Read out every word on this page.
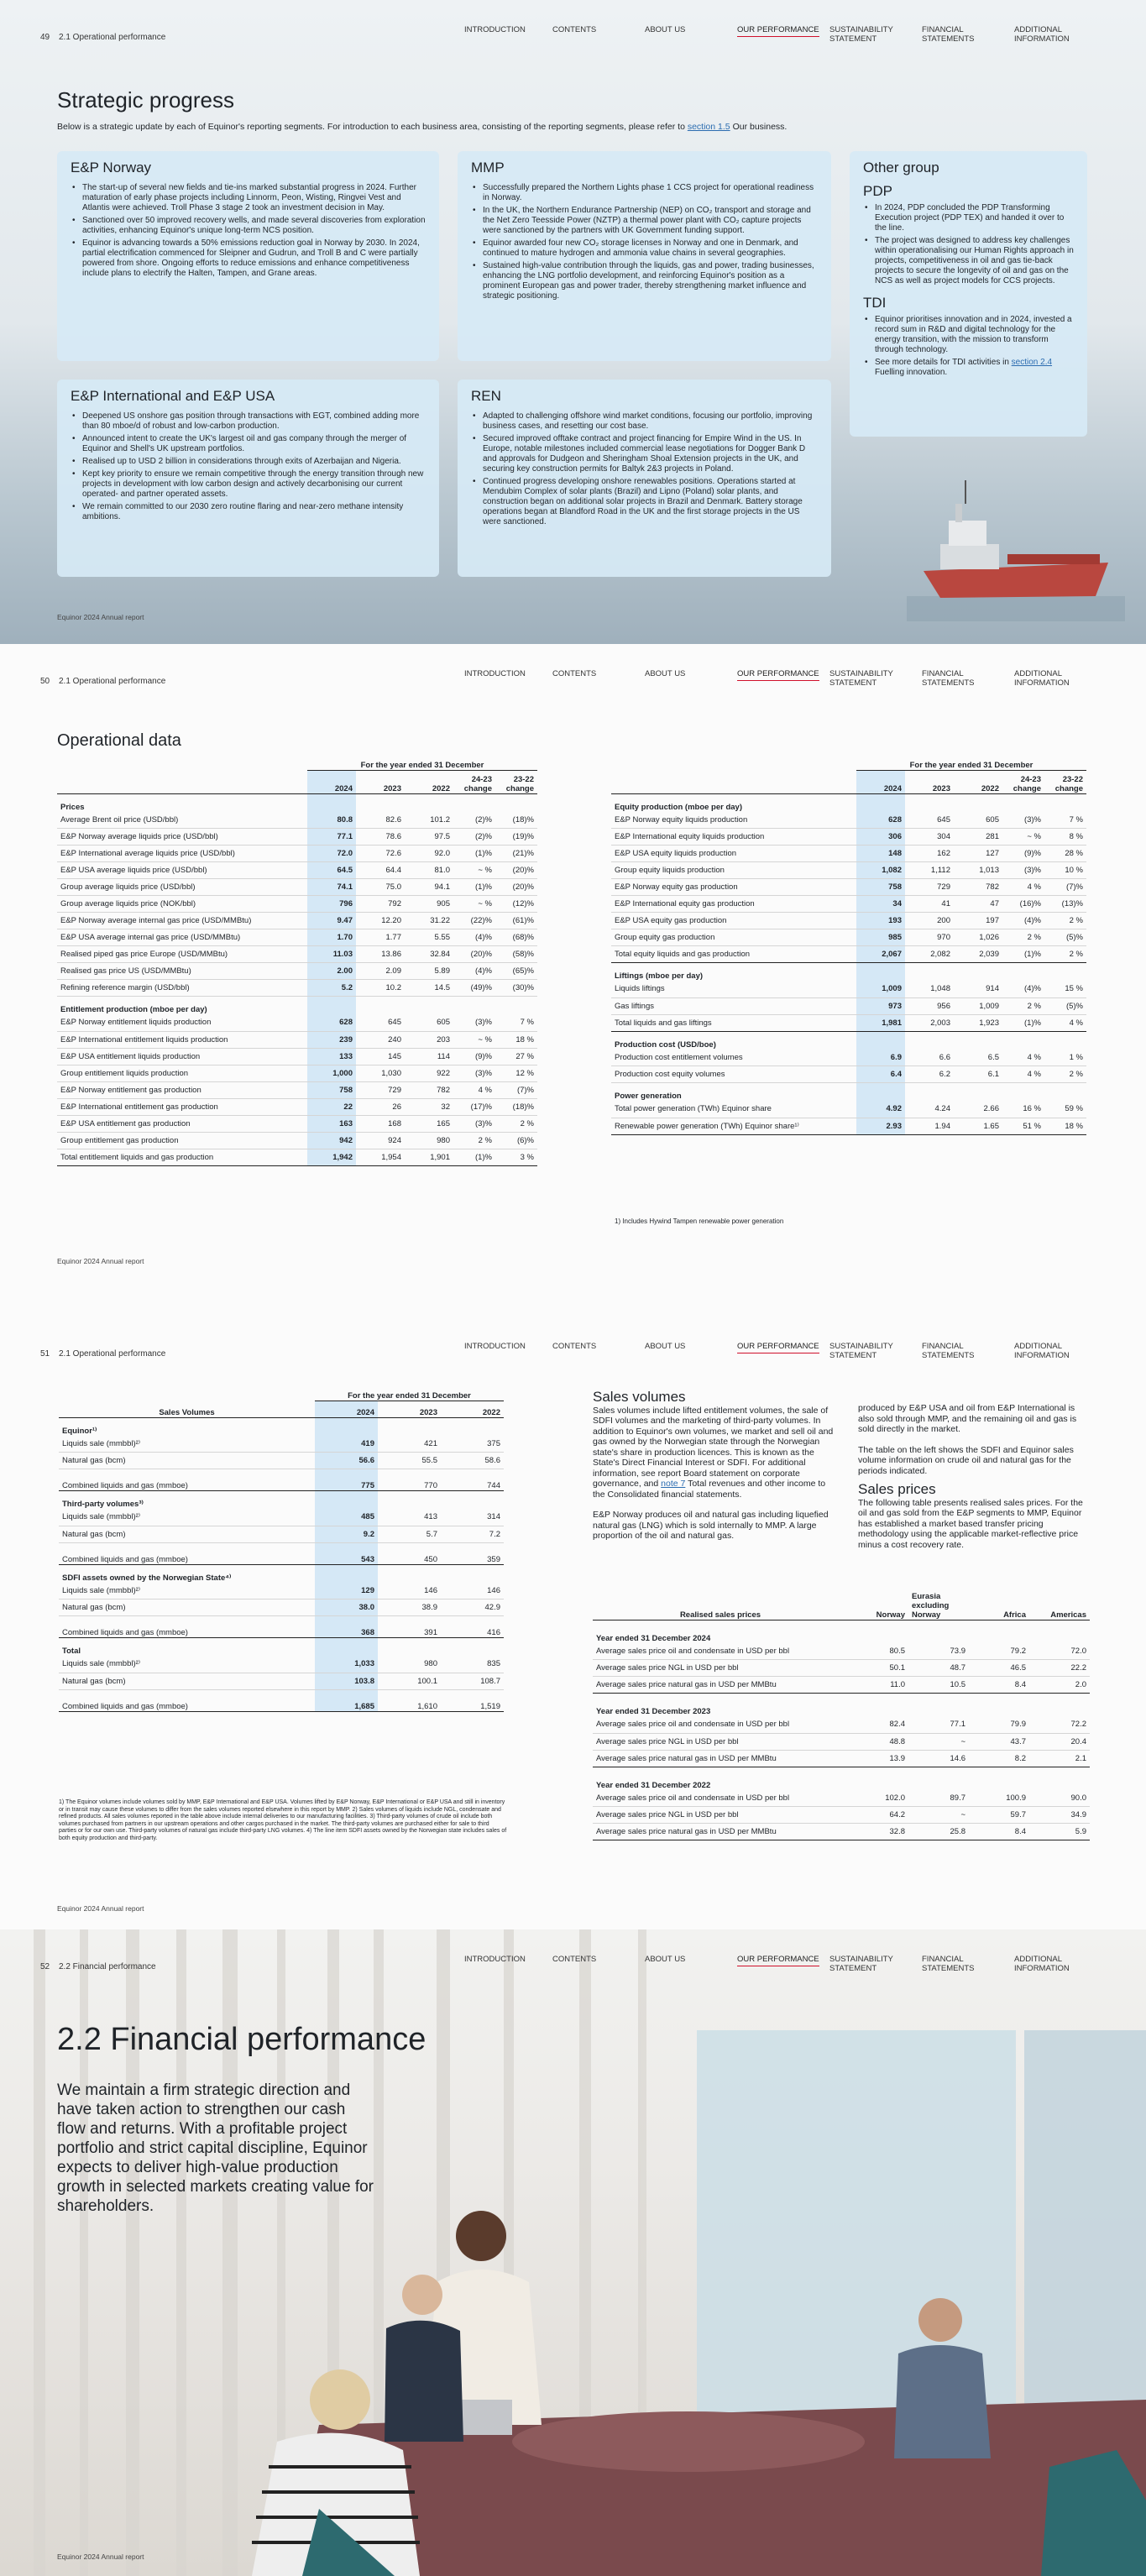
49 2.1 Operational performance
INTRODUCTION	CONTENTS	ABOUT US	OUR PERFORMANCE	SUSTAINABILITY STATEMENT
FINANCIAL STATEMENTS
ADDITIONAL INFORMATION
Strategic progress
Below is a strategic update by each of Equinor's reporting segments. For introduction to each business area, consisting of the reporting segments, please refer to section 1.5 Our business.
E&P Norway
• The start-up of several new fields and tie-ins marked substantial progress in 2024. Further maturation of early phase projects including Linnorm, Peon, Wisting, Ringvei Vest and Atlantis were achieved. Troll Phase 3 stage 2 took an investment decision in May.
• Sanctioned over 50 improved recovery wells, and made several discoveries from exploration activities, enhancing Equinor's unique long-term NCS position.
• Equinor is advancing towards a 50% emissions reduction goal in Norway by 2030. In 2024, partial electrification commenced for Sleipner and Gudrun, and Troll B and C were partially powered from shore. Ongoing efforts to reduce emissions and enhance competitiveness include plans to electrify the Halten, Tampen, and Grane areas.
MMP
• Successfully prepared the Northern Lights phase 1 CCS project for operational readiness in Norway.
• In the UK, the Northern Endurance Partnership (NEP) on CO₂ transport and storage and the Net Zero Teesside Power (NZTP) a thermal power plant with CO₂ capture projects were sanctioned by the partners with UK Government funding support.
• Equinor awarded four new CO₂ storage licenses in Norway and one in Denmark, and continued to mature hydrogen and ammonia value chains in several geographies.
• Sustained high-value contribution through the liquids, gas and power, trading businesses, enhancing the LNG portfolio development, and reinforcing Equinor's position as a prominent European gas and power trader, thereby strengthening market influence and strategic positioning.
Other group
PDP
• In 2024, PDP concluded the PDP Transforming Execution project (PDP TEX) and handed it over to the line.
• The project was designed to address key challenges within operationalising our Human Rights approach in projects, competitiveness in oil and gas tie-back projects to secure the longevity of oil and gas on the NCS as well as project models for CCS projects.
TDI
• Equinor prioritises innovation and in 2024, invested a record sum in R&D and digital technology for the energy transition, with the mission to transform through technology.
• See more details for TDI activities in section 2.4 Fuelling innovation.
E&P International and E&P USA
• Deepened US onshore gas position through transactions with EGT, combined adding more than 80 mboe/d of robust and low-carbon production.
• Announced intent to create the UK's largest oil and gas company through the merger of Equinor and Shell's UK upstream portfolios.
• Realised up to USD 2 billion in considerations through exits of Azerbaijan and Nigeria.
• Kept key priority to ensure we remain competitive through the energy transition through new projects in development with low carbon design and actively decarbonising our current operated- and partner operated assets.
• We remain committed to our 2030 zero routine flaring and near-zero methane intensity ambitions.
REN
• Adapted to challenging offshore wind market conditions, focusing our portfolio, improving business cases, and resetting our cost base.
• Secured improved offtake contract and project financing for Empire Wind in the US. In Europe, notable milestones included commercial lease negotiations for Dogger Bank D and approvals for Dudgeon and Sheringham Shoal Extension projects in the UK, and securing key construction permits for Baltyk 2&3 projects in Poland.
• Continued progress developing onshore renewables positions. Operations started at Mendubim Complex of solar plants (Brazil) and Lipno (Poland) solar plants, and construction began on additional solar projects in Brazil and Denmark. Battery storage operations began at Blandford Road in the UK and the first storage projects in the US were sanctioned.
Equinor 2024 Annual report
50 2.1 Operational performance
INTRODUCTION	CONTENTS	ABOUT US	OUR PERFORMANCE	SUSTAINABILITY STATEMENT
FINANCIAL STATEMENTS
ADDITIONAL INFORMATION
Operational data
	For the year ended 31 December				
	2024	2023	2022	24-23 change	23-22 change
Prices					
Average Brent oil price (USD/bbl)	80.8	82.6	101.2	(2)%	(18)%
E&P Norway average liquids price (USD/bbl)	77.1	78.6	97.5	(2)%	(19)%
E&P International average liquids price (USD/bbl)	72.0	72.6	92.0	(1)%	(21)%
E&P USA average liquids price (USD/bbl)	64.5	64.4	81.0	~ %	(20)%
Group average liquids price (USD/bbl)	74.1	75.0	94.1	(1)%	(20)%
Group average liquids price (NOK/bbl)	796	792	905	~ %	(12)%
E&P Norway average internal gas price (USD/MMBtu)	9.47	12.20	31.22	(22)%	(61)%
E&P USA average internal gas price (USD/MMBtu)	1.70	1.77	5.55	(4)%	(68)%
Realised piped gas price Europe (USD/MMBtu)	11.03	13.86	32.84	(20)%	(58)%
Realised gas price US (USD/MMBtu)	2.00	2.09	5.89	(4)%	(65)%
Refining reference margin (USD/bbl)	5.2	10.2	14.5	(49)%	(30)%
Entitlement production (mboe per day)					
E&P Norway entitlement liquids production	628	645	605	(3)%	7 %
E&P International entitlement liquids production	239	240	203	~ %	18 %
E&P USA entitlement liquids production	133	145	114	(9)%	27 %
Group entitlement liquids production	1,000	1,030	922	(3)%	12 %
E&P Norway entitlement gas production	758	729	782	4 %	(7)%
E&P International entitlement gas production	22	26	32	(17)%	(18)%
E&P USA entitlement gas production	163	168	165	(3)%	2 %
Group entitlement gas production	942	924	980	2 %	(6)%
Total entitlement liquids and gas production	1,942	1,954	1,901	(1)%	3 %
	For the year ended 31 December				
	2024	2023	2022	24-23 change	23-22 change
Equity production (mboe per day)					
E&P Norway equity liquids production	628	645	605	(3)%	7 %
E&P International equity liquids production	306	304	281	~ %	8 %
E&P USA equity liquids production	148	162	127	(9)%	28 %
Group equity liquids production	1,082	1,112	1,013	(3)%	10 %
E&P Norway equity gas production	758	729	782	4 %	(7)%
E&P International equity gas production	34	41	47	(16)%	(13)%
E&P USA equity gas production	193	200	197	(4)%	2 %
Group equity gas production	985	970	1,026	2 %	(5)%
Total equity liquids and gas production	2,067	2,082	2,039	(1)%	2 %
Liftings (mboe per day)					
Liquids liftings	1,009	1,048	914	(4)%	15 %
Gas liftings	973	956	1,009	2 %	(5)%
Total liquids and gas liftings	1,981	2,003	1,923	(1)%	4 %
Production cost (USD/boe)					
Production cost entitlement volumes	6.9	6.6	6.5	4 %	1 %
Production cost equity volumes	6.4	6.2	6.1	4 %	2 %
Power generation					
Total power generation (TWh) Equinor share	4.92	4.24	2.66	16 %	59 %
Renewable power generation (TWh) Equinor share¹⁾	2.93	1.94	1.65	51 %	18 %
1) Includes Hywind Tampen renewable power generation
Equinor 2024 Annual report
51 2.1 Operational performance
INTRODUCTION	CONTENTS	ABOUT US	OUR PERFORMANCE	SUSTAINABILITY STATEMENT
FINANCIAL STATEMENTS
ADDITIONAL INFORMATION
	For the year ended 31 December		
Sales Volumes	2024	2023	2022
Equinor¹⁾			
Liquids sale (mmbbl)²⁾	419	421	375
Natural gas (bcm)	56.6	55.5	58.6
Combined liquids and gas (mmboe)	775	770	744
Third-party volumes³⁾			
Liquids sale (mmbbl)²⁾	485	413	314
Natural gas (bcm)	9.2	5.7	7.2
Combined liquids and gas (mmboe)	543	450	359
SDFI assets owned by the Norwegian State⁴⁾			
Liquids sale (mmbbl)²⁾	129	146	146
Natural gas (bcm)	38.0	38.9	42.9
Combined liquids and gas (mmboe)	368	391	416
Total			
Liquids sale (mmbbl)²⁾	1,033	980	835
Natural gas (bcm)	103.8	100.1	108.7
Combined liquids and gas (mmboe)	1,685	1,610	1,519
1) The Equinor volumes include volumes sold by MMP, E&P International and E&P USA. Volumes lifted by E&P Norway, E&P International or E&P USA and still in inventory or in transit may cause these volumes to differ from the sales volumes reported elsewhere in this report by MMP. 2) Sales volumes of liquids include NGL, condensate and refined products. All sales volumes reported in the table above include internal deliveries to our manufacturing facilities. 3) Third-party volumes of crude oil include both volumes purchased from partners in our upstream operations and other cargos purchased in the market. The third-party volumes are purchased either for sale to third parties or for our own use. Third-party volumes of natural gas include third-party LNG volumes. 4) The line item SDFI assets owned by the Norwegian state includes sales of both equity production and third-party.
Sales volumes

Sales volumes include lifted entitlement volumes, the sale of SDFI volumes and the marketing of third-party volumes. In addition to Equinor's own volumes, we market and sell oil and gas owned by the Norwegian state through the Norwegian state's share in production licences. This is known as the State's Direct Financial Interest or SDFI. For additional information, see report Board statement on corporate governance, and note 7 Total revenues and other income to the Consolidated financial statements.

E&P Norway produces oil and natural gas including liquefied natural gas (LNG) which is sold internally to MMP. A large proportion of the oil and natural gas.

produced by E&P USA and oil from E&P International is also sold through MMP, and the remaining oil and gas is sold directly in the market.

The table on the left shows the SDFI and Equinor sales volume information on crude oil and natural gas for the periods indicated.

Sales prices

The following table presents realised sales prices. For the oil and gas sold from the E&P segments to MMP, Equinor has established a market based transfer pricing methodology using the applicable market-reflective price minus a cost recovery rate.

Realised sales prices	Norway	Eurasia excluding Norway	Africa	Americas
Year ended 31 December 2024				
Average sales price oil and condensate in USD per bbl	80.5	73.9	79.2	72.0
Average sales price NGL in USD per bbl	50.1	48.7	46.5	22.2
Average sales price natural gas in USD per MMBtu	11.0	10.5	8.4	2.0
Year ended 31 December 2023				
Average sales price oil and condensate in USD per bbl	82.4	77.1	79.9	72.2
Average sales price NGL in USD per bbl	48.8	~	43.7	20.4
Average sales price natural gas in USD per MMBtu	13.9	14.6	8.2	2.1
Year ended 31 December 2022				
Average sales price oil and condensate in USD per bbl	102.0	89.7	100.9	90.0
Average sales price NGL in USD per bbl	64.2	~	59.7	34.9
Average sales price natural gas in USD per MMBtu	32.8	25.8	8.4	5.9
Equinor 2024 Annual report
52 2.2 Financial performance
INTRODUCTION	CONTENTS	ABOUT US	OUR PERFORMANCE	SUSTAINABILITY STATEMENT
FINANCIAL STATEMENTS
ADDITIONAL INFORMATION
2.2 Financial performance

We maintain a firm strategic direction and have taken action to strengthen our cash flow and returns. With a profitable project portfolio and strict capital discipline, Equinor expects to deliver high-value production growth in selected markets creating value for shareholders.

Equinor 2024 Annual report
